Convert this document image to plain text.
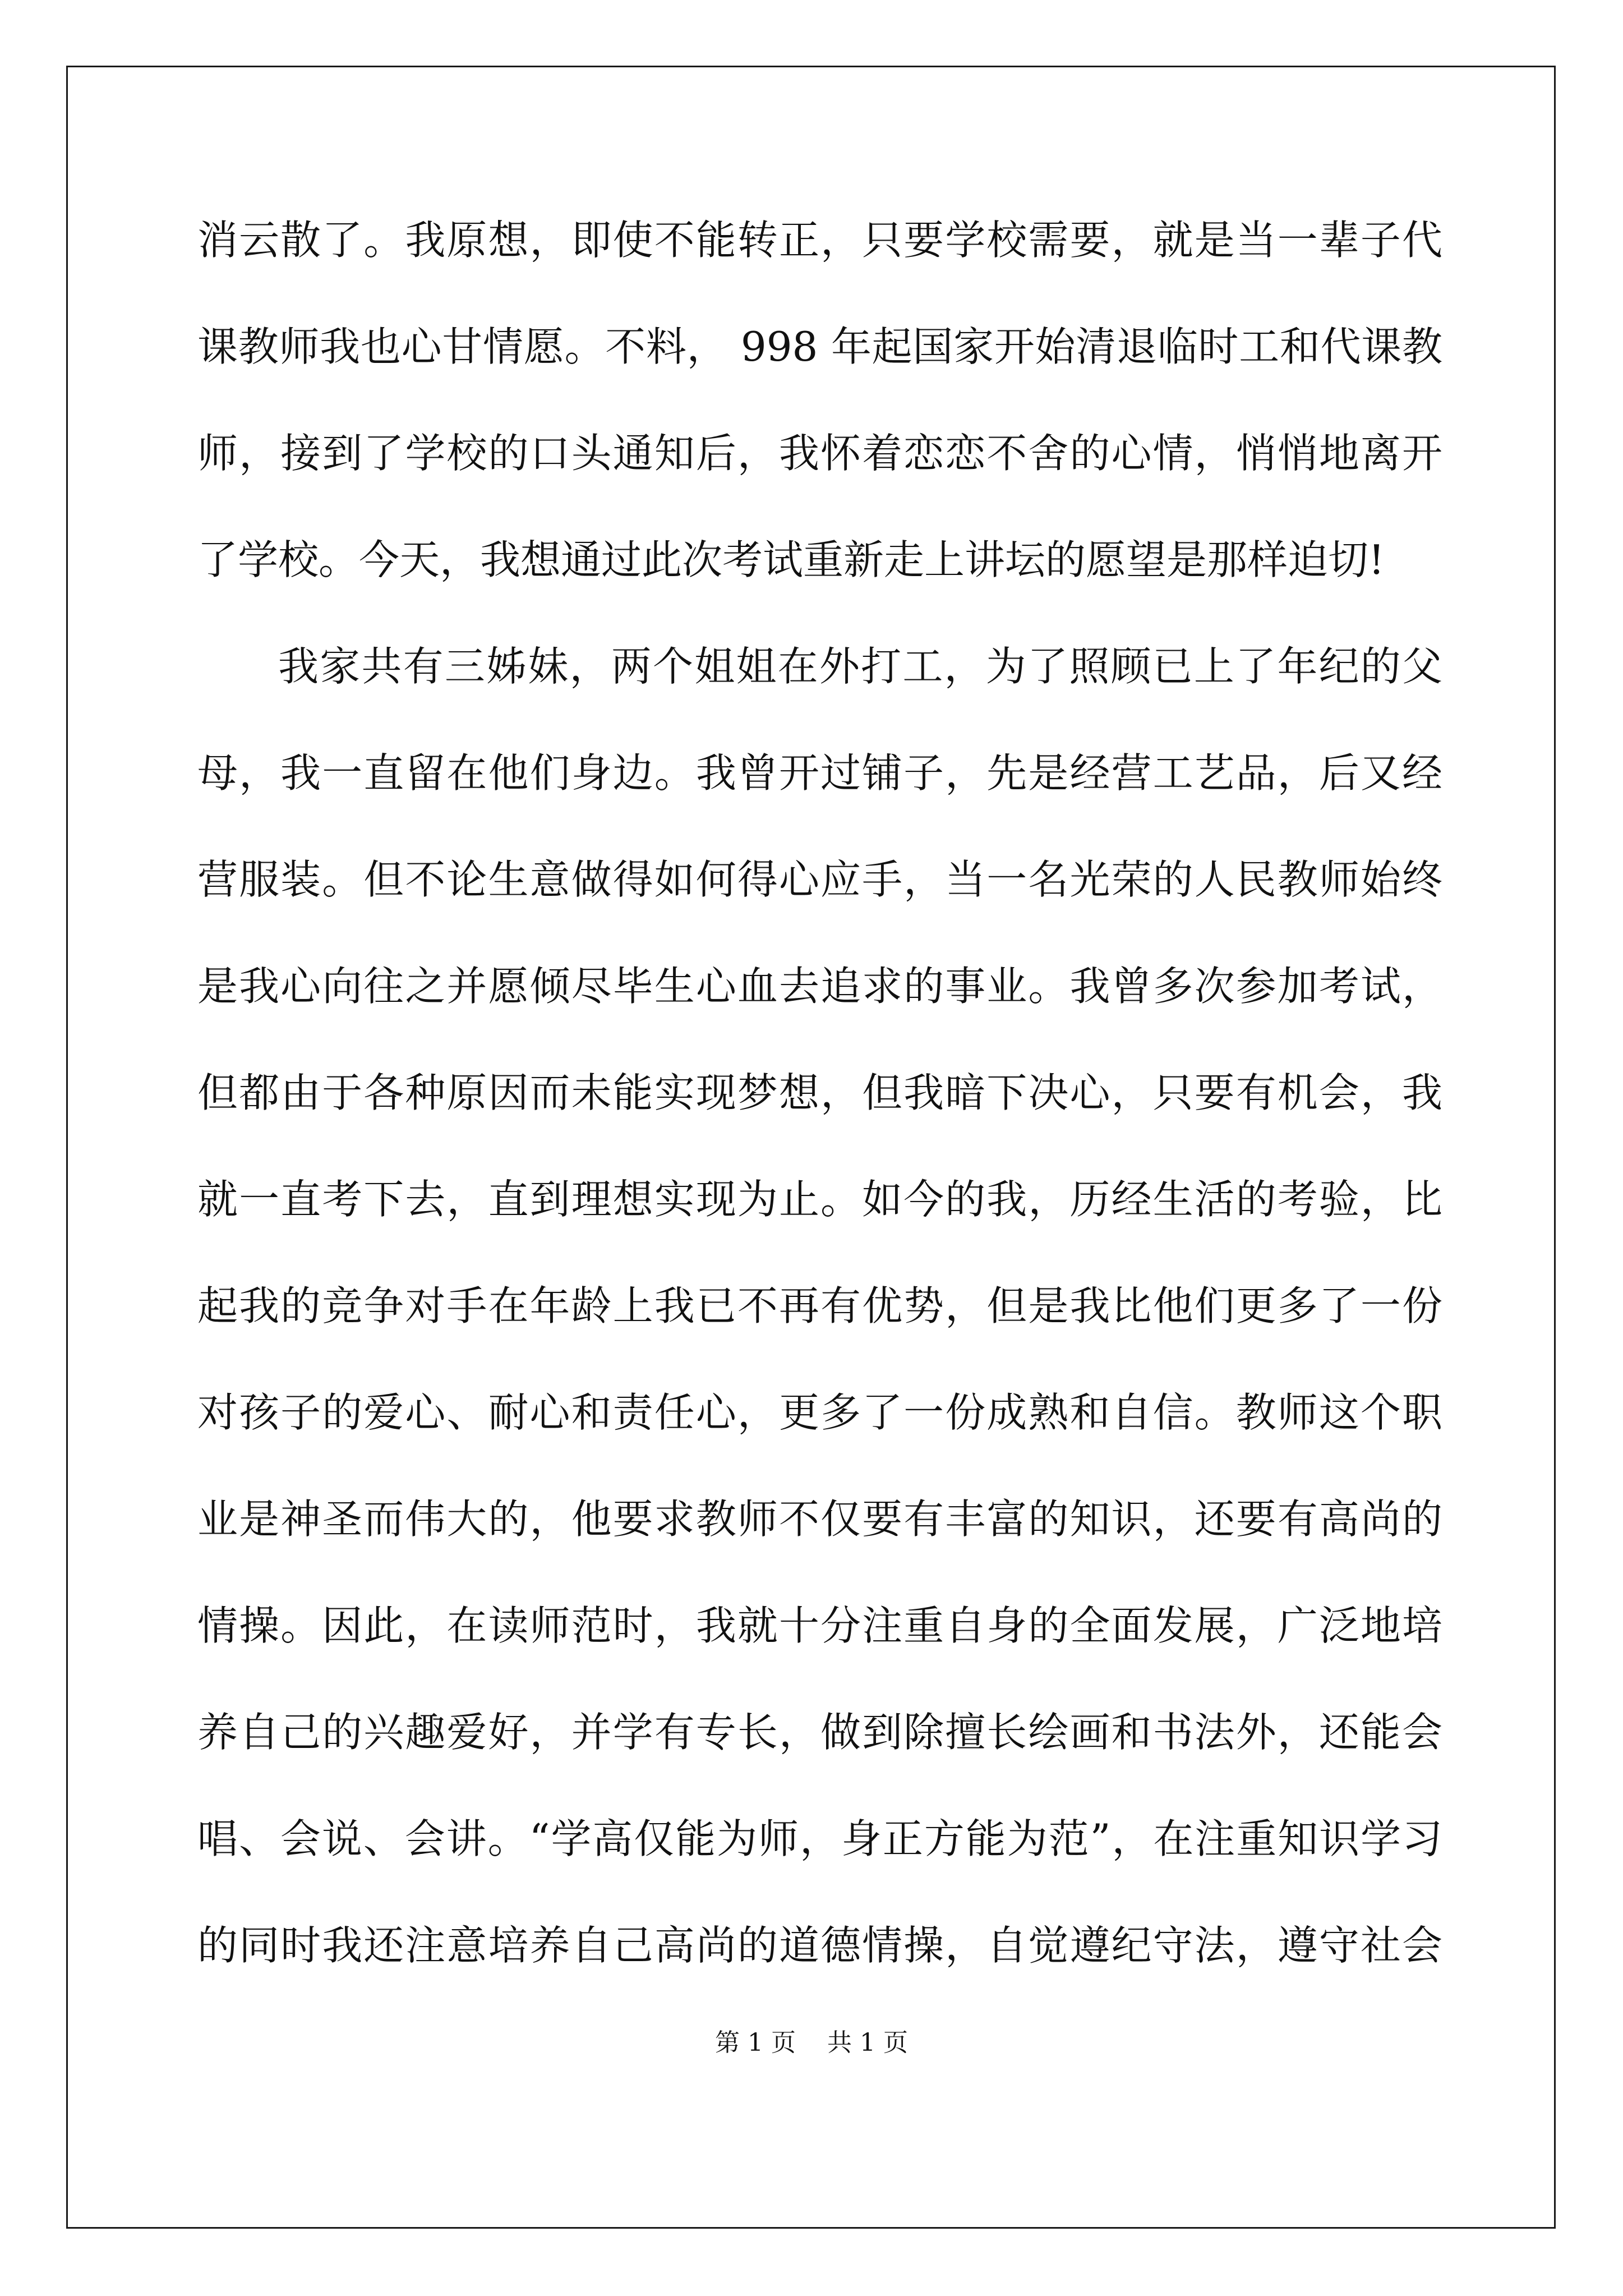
消云散了。我原想，即使不能转正，只要学校需要，就是当一辈子代
课教师我也心甘情愿。不料， 998 年起国家开始清退临时工和代课教
师，接到了学校的口头通知后，我怀着恋恋不舍的心情，悄悄地离开
了学校。今天，我想通过此次考试重新走上讲坛的愿望是那样迫切!
我家共有三姊妹，两个姐姐在外打工，为了照顾已上了年纪的父
母，我一直留在他们身边。我曾开过铺子，先是经营工艺品，后又经
营服装。但不论生意做得如何得心应手，当一名光荣的人民教师始终
是我心向往之并愿倾尽毕生心血去追求的事业。我曾多次参加考试，
但都由于各种原因而未能实现梦想，但我暗下决心，只要有机会，我
就一直考下去，直到理想实现为止。如今的我，历经生活的考验，比
起我的竞争对手在年龄上我已不再有优势，但是我比他们更多了一份
对孩子的爱心、耐心和责任心，更多了一份成熟和自信。教师这个职
业是神圣而伟大的，他要求教师不仅要有丰富的知识，还要有高尚的
情操。因此，在读师范时，我就十分注重自身的全面发展，广泛地培
养自己的兴趣爱好，并学有专长，做到除擅长绘画和书法外，还能会
唱、会说、会讲。“学高仅能为师，身正方能为范”，在注重知识学习
的同时我还注意培养自己高尚的道德情操，自觉遵纪守法，遵守社会
第 1 页 共 1 页
